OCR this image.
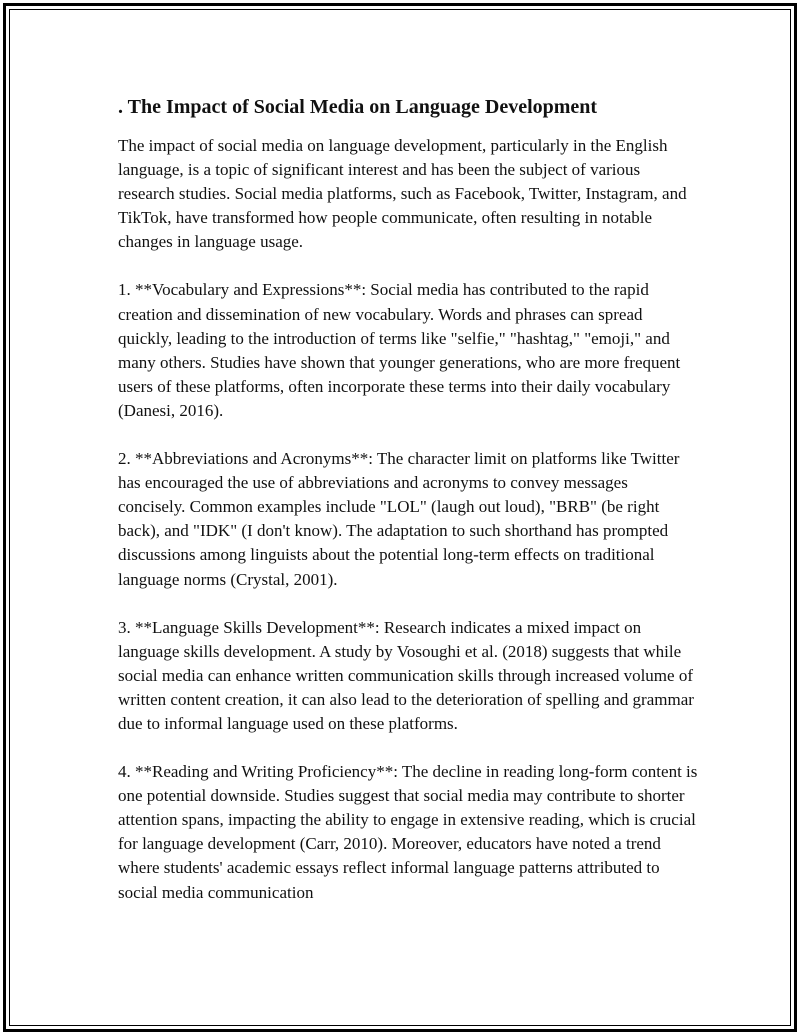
. The Impact of Social Media on Language Development

The impact of social media on language development, particularly in the English language, is a topic of significant interest and has been the subject of various research studies. Social media platforms, such as Facebook, Twitter, Instagram, and TikTok, have transformed how people communicate, often resulting in notable changes in language usage.

1. **Vocabulary and Expressions**: Social media has contributed to the rapid creation and dissemination of new vocabulary. Words and phrases can spread quickly, leading to the introduction of terms like "selfie," "hashtag," "emoji," and many others. Studies have shown that younger generations, who are more frequent users of these platforms, often incorporate these terms into their daily vocabulary (Danesi, 2016).

2. **Abbreviations and Acronyms**: The character limit on platforms like Twitter has encouraged the use of abbreviations and acronyms to convey messages concisely. Common examples include "LOL" (laugh out loud), "BRB" (be right back), and "IDK" (I don't know). The adaptation to such shorthand has prompted discussions among linguists about the potential long-term effects on traditional language norms (Crystal, 2001).

3. **Language Skills Development**: Research indicates a mixed impact on language skills development. A study by Vosoughi et al. (2018) suggests that while social media can enhance written communication skills through increased volume of written content creation, it can also lead to the deterioration of spelling and grammar due to informal language used on these platforms.

4. **Reading and Writing Proficiency**: The decline in reading long-form content is one potential downside. Studies suggest that social media may contribute to shorter attention spans, impacting the ability to engage in extensive reading, which is crucial for language development (Carr, 2010). Moreover, educators have noted a trend where students' academic essays reflect informal language patterns attributed to social media communication
